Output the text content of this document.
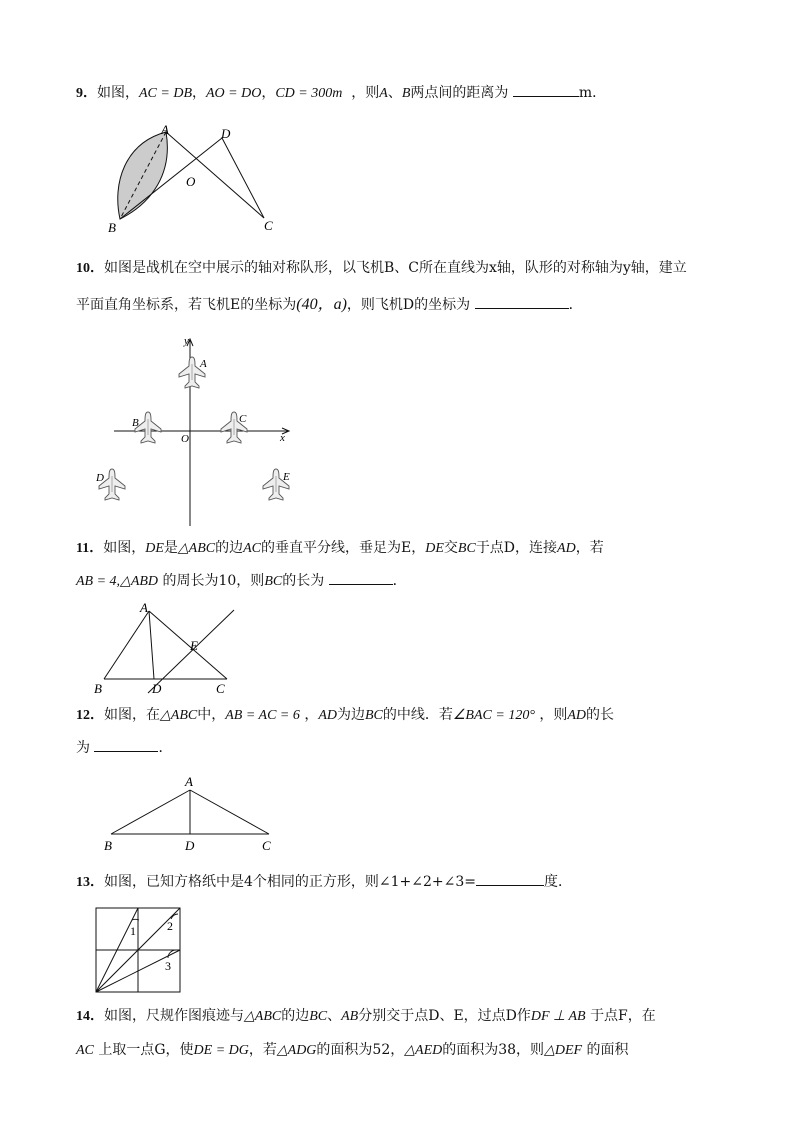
9．如图，AC = DB，AO = DO，CD = 300m ，则A、B两点间的距离为	m．
A	D
O
B	C
10．如图是战机在空中展示的轴对称队形，以飞机B、C所在直线为x轴，队形的对称轴为y轴，建立
平面直角坐标系，若飞机E的坐标为(40，a)，则飞机D的坐标为	．
y
x
O
A
B	C
D	E
11．如图，DE是△ABC的边AC的垂直平分线，垂足为E，DE交BC于点D，连接AD，若
AB = 4,△ABD 的周长为10，则BC的长为	．
A
E
B	D	C
12．如图，在△ABC中，AB = AC = 6 ，AD为边BC的中线．若∠BAC = 120° ，则AD的长
为	．
A
B	D	C
13．如图，已知方格纸中是4个相同的正方形，则∠1+∠2+∠3=	度．
1	2
3
14．如图，尺规作图痕迹与△ABC的边BC、AB分别交于点D、E，过点D作DF ⊥ AB 于点F，在
AC 上取一点G，使DE = DG，若△ADG的面积为52，△AED的面积为38，则△DEF 的面积
